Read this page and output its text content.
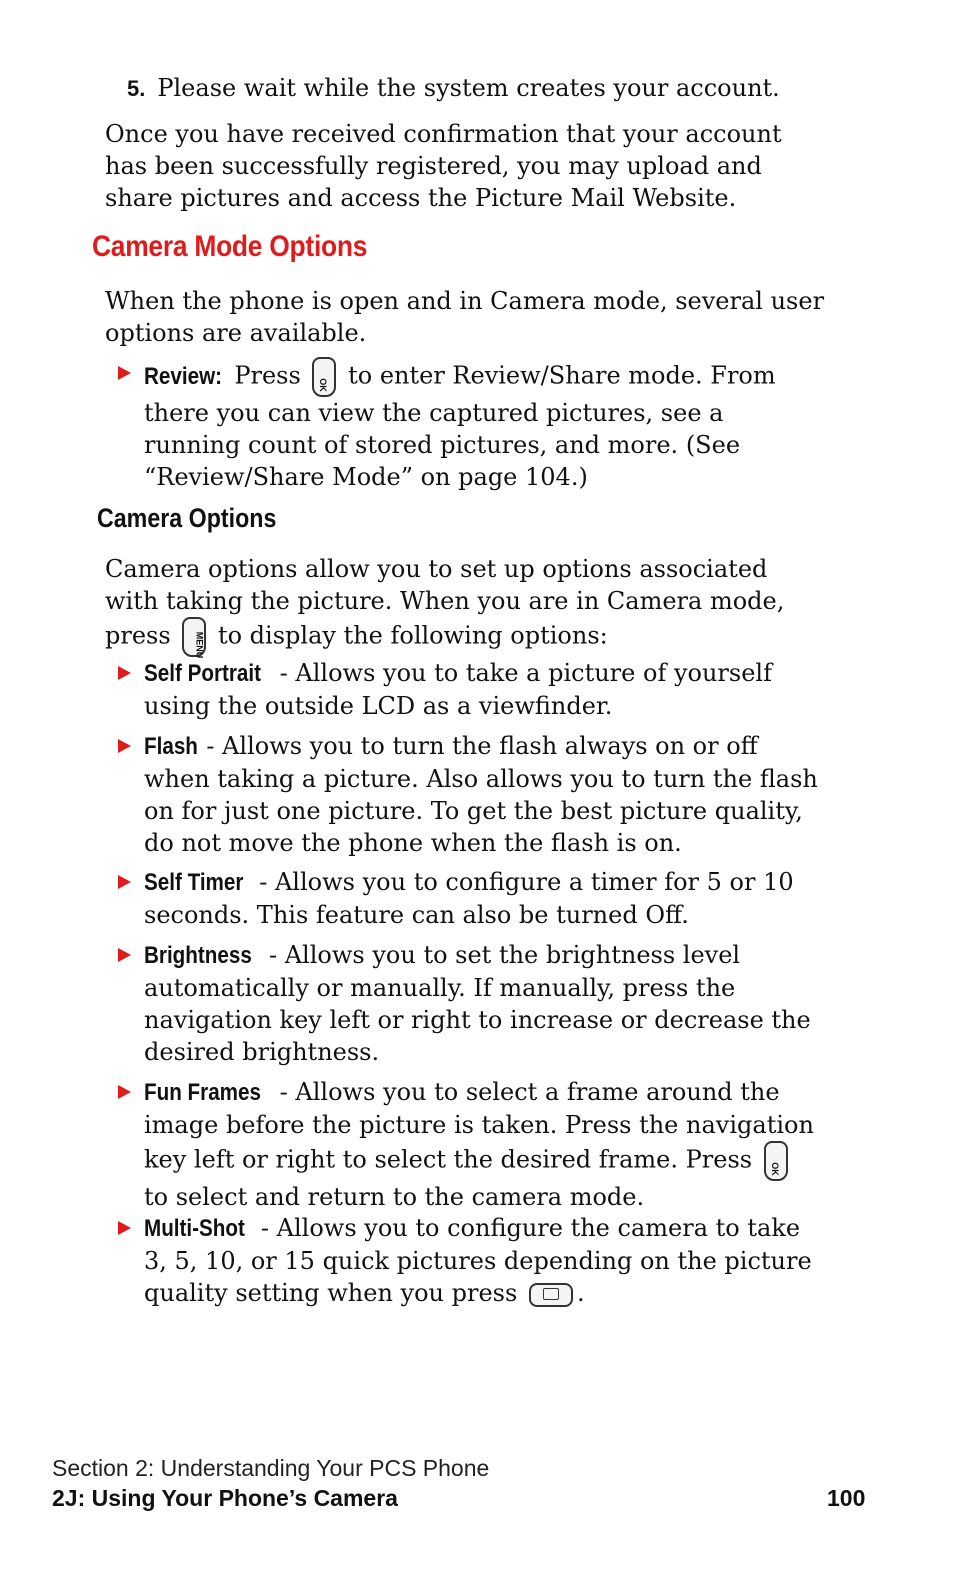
5. Please wait while the system creates your account.
Once you have received confirmation that your account has been successfully registered, you may upload and share pictures and access the Picture Mail Website.
Camera Mode Options
When the phone is open and in Camera mode, several user options are available.
Review: Press	OK to enter Review/Share mode. From there you can view the captured pictures, see a running count of stored pictures, and more. (See “Review/Share Mode” on page 104.)
Camera Options
Camera options allow you to set up options associated with taking the picture. When you are in Camera mode, press	MENU to display the following options:
Self Portrait - Allows you to take a picture of yourself using the outside LCD as a viewfinder.
Flash - Allows you to turn the flash always on or off when taking a picture. Also allows you to turn the flash on for just one picture. To get the best picture quality, do not move the phone when the flash is on.
Self Timer - Allows you to configure a timer for 5 or 10 seconds. This feature can also be turned Off.
Brightness - Allows you to set the brightness level automatically or manually. If manually, press the navigation key left or right to increase or decrease the desired brightness.
Fun Frames - Allows you to select a frame around the image before the picture is taken. Press the navigation key left or right to select the desired frame. Press	OK
to select and return to the camera mode.
Multi-Shot - Allows you to configure the camera to take 3, 5, 10, or 15 quick pictures depending on the picture quality setting when you press .
Section 2: Understanding Your PCS Phone
2J: Using Your Phone’s Camera	100
